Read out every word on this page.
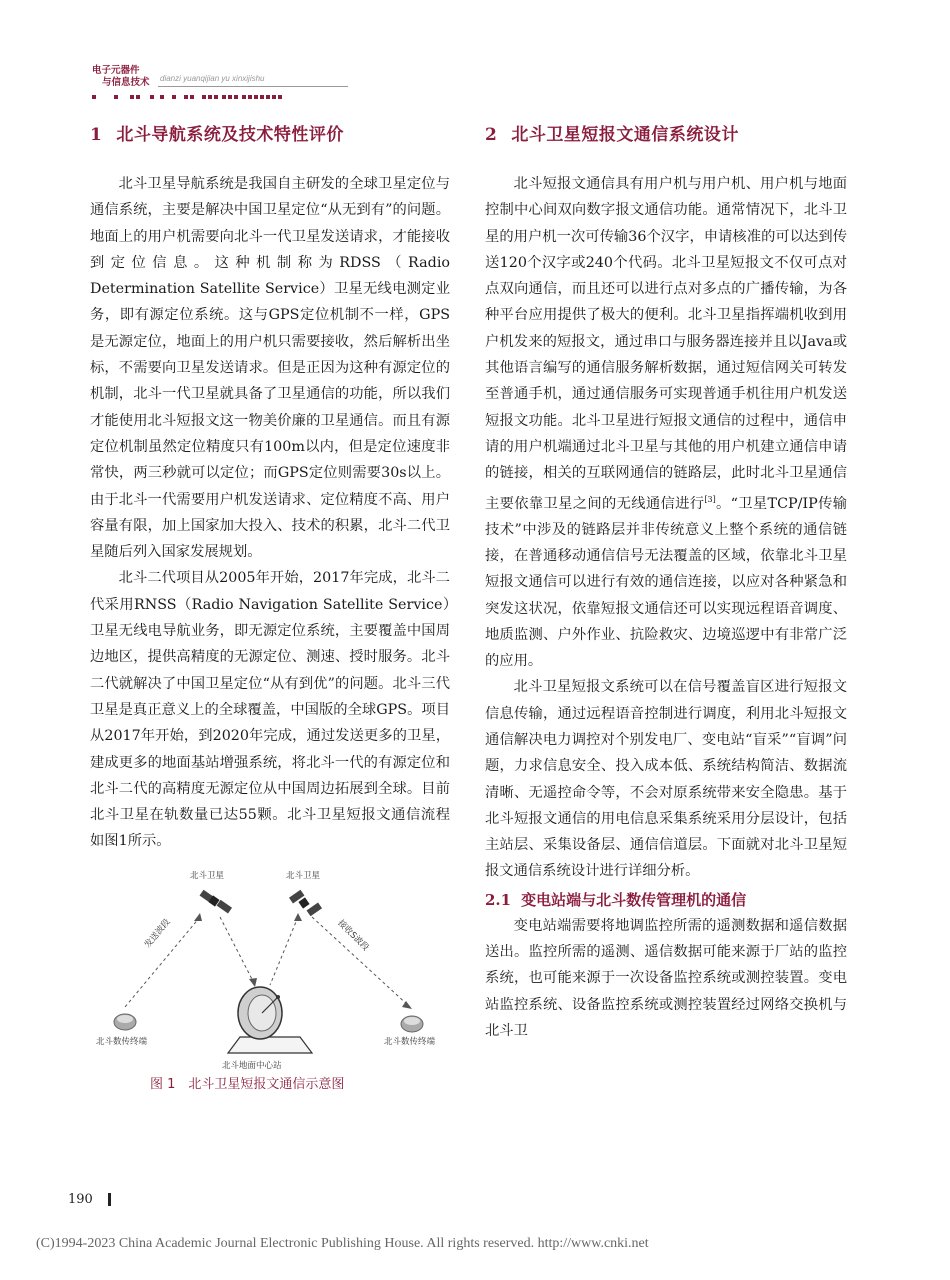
电子元器件
与信息技术 dianzi yuanqijian yu xinxijishu
1 北斗导航系统及技术特性评价

北斗卫星导航系统是我国自主研发的全球卫星定位与通信系统，主要是解决中国卫星定位“从无到有”的问题。地面上的用户机需要向北斗一代卫星发送请求，才能接收到定位信息。这种机制称为RDSS（Radio Determination Satellite Service）卫星无线电测定业务，即有源定位系统。这与GPS定位机制不一样，GPS是无源定位，地面上的用户机只需要接收，然后解析出坐标，不需要向卫星发送请求。但是正因为这种有源定位的机制，北斗一代卫星就具备了卫星通信的功能，所以我们才能使用北斗短报文这一物美价廉的卫星通信。而且有源定位机制虽然定位精度只有100m以内，但是定位速度非常快，两三秒就可以定位；而GPS定位则需要30s以上。由于北斗一代需要用户机发送请求、定位精度不高、用户容量有限，加上国家加大投入、技术的积累，北斗二代卫星随后列入国家发展规划。

北斗二代项目从2005年开始，2017年完成，北斗二代采用RNSS（Radio Navigation Satellite Service）卫星无线电导航业务，即无源定位系统，主要覆盖中国周边地区，提供高精度的无源定位、测速、授时服务。北斗二代就解决了中国卫星定位“从有到优”的问题。北斗三代卫星是真正意义上的全球覆盖，中国版的全球GPS。项目从2017年开始，到2020年完成，通过发送更多的卫星，建成更多的地面基站增强系统，将北斗一代的有源定位和北斗二代的高精度无源定位从中国周边拓展到全球。目前北斗卫星在轨数量已达55颗。北斗卫星短报文通信流程如图1所示。

北斗卫星	北斗卫星
发送波段	接收S波段
北斗数传终端	北斗数传终端
北斗地面中心站
图 1　北斗卫星短报文通信示意图
2 北斗卫星短报文通信系统设计

北斗短报文通信具有用户机与用户机、用户机与地面控制中心间双向数字报文通信功能。通常情况下，北斗卫星的用户机一次可传输36个汉字，申请核准的可以达到传送120个汉字或240个代码。北斗卫星短报文不仅可点对点双向通信，而且还可以进行点对多点的广播传输，为各种平台应用提供了极大的便利。北斗卫星指挥端机收到用户机发来的短报文，通过串口与服务器连接并且以Java或其他语言编写的通信服务解析数据，通过短信网关可转发至普通手机，通过通信服务可实现普通手机往用户机发送短报文功能。北斗卫星进行短报文通信的过程中，通信申请的用户机端通过北斗卫星与其他的用户机建立通信申请的链接，相关的互联网通信的链路层，此时北斗卫星通信主要依靠卫星之间的无线通信进行[3]。“卫星TCP/IP传输技术”中涉及的链路层并非传统意义上整个系统的通信链接，在普通移动通信信号无法覆盖的区域，依靠北斗卫星短报文通信可以进行有效的通信连接，以应对各种紧急和突发这状况，依靠短报文通信还可以实现远程语音调度、地质监测、户外作业、抗险救灾、边境巡逻中有非常广泛的应用。

北斗卫星短报文系统可以在信号覆盖盲区进行短报文信息传输，通过远程语音控制进行调度，利用北斗短报文通信解决电力调控对个别发电厂、变电站“盲采”“盲调”问题，力求信息安全、投入成本低、系统结构简洁、数据流清晰、无遥控命令等，不会对原系统带来安全隐患。基于北斗短报文通信的用电信息采集系统采用分层设计，包括主站层、采集设备层、通信信道层。下面就对北斗卫星短报文通信系统设计进行详细分析。

2.1 变电站端与北斗数传管理机的通信

变电站端需要将地调监控所需的遥测数据和遥信数据送出。监控所需的遥测、遥信数据可能来源于厂站的监控系统，也可能来源于一次设备监控系统或测控装置。变电站监控系统、设备监控系统或测控装置经过网络交换机与北斗卫

190
(C)1994-2023 China Academic Journal Electronic Publishing House. All rights reserved. http://www.cnki.net
